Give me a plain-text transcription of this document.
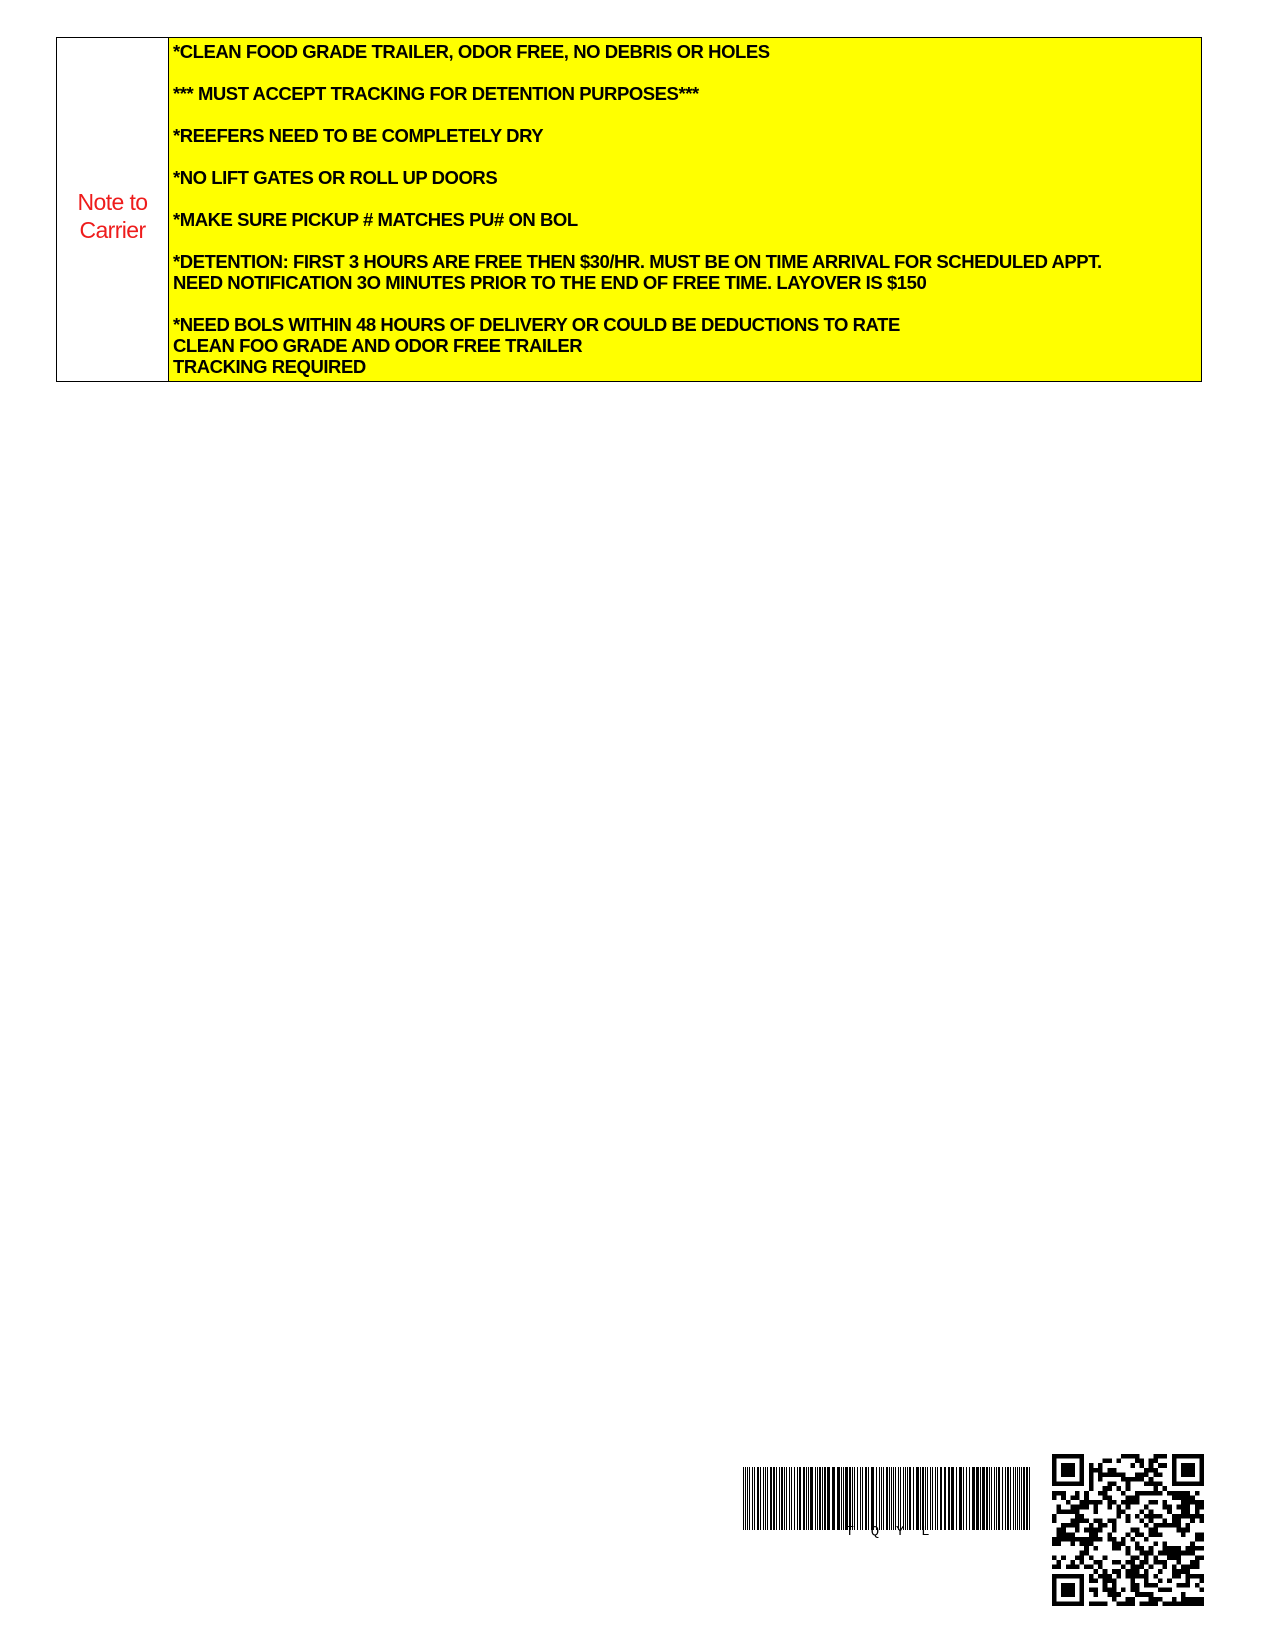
Note to
Carrier
*CLEAN FOOD GRADE TRAILER, ODOR FREE, NO DEBRIS OR HOLES
*** MUST ACCEPT TRACKING FOR DETENTION PURPOSES***
*REEFERS NEED TO BE COMPLETELY DRY
*NO LIFT GATES OR ROLL UP DOORS
*MAKE SURE PICKUP # MATCHES PU# ON BOL
*DETENTION: FIRST 3 HOURS ARE FREE THEN $30/HR. MUST BE ON TIME ARRIVAL FOR SCHEDULED APPT.
NEED NOTIFICATION 3O MINUTES PRIOR TO THE END OF FREE TIME. LAYOVER IS $150
*NEED BOLS WITHIN 48 HOURS OF DELIVERY OR COULD BE DEDUCTIONS TO RATE
CLEAN FOO GRADE AND ODOR FREE TRAILER
TRACKING REQUIRED
T  Q  Y  L
